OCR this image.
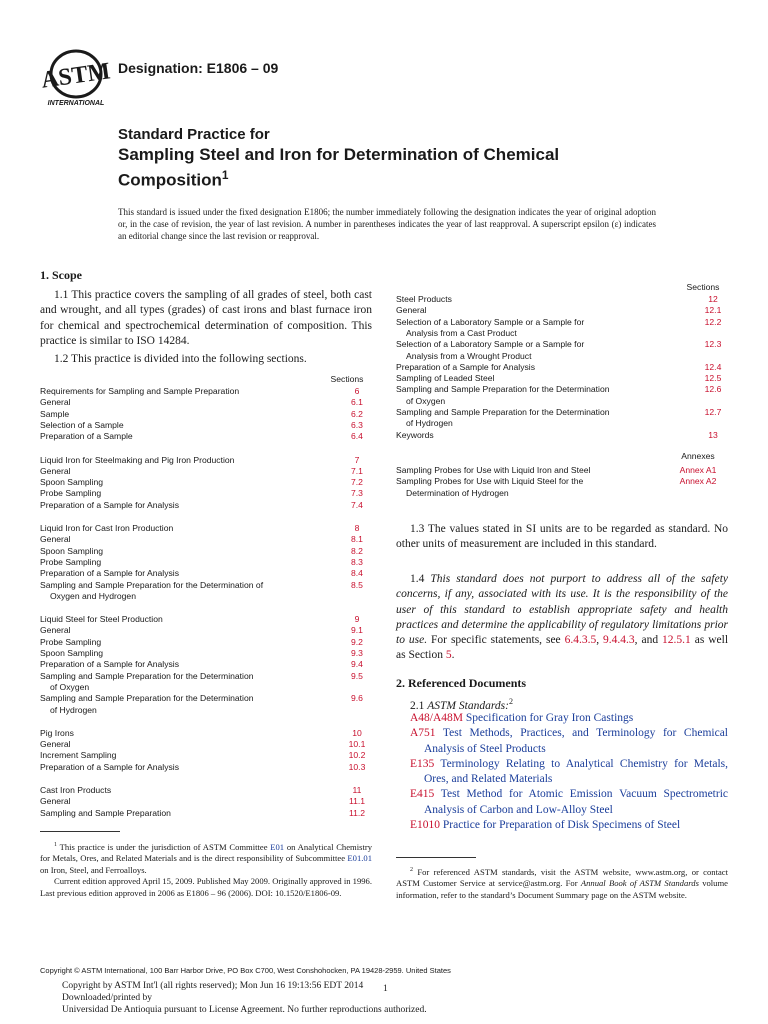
ASTM
INTERNATIONAL
Designation: E1806 – 09
Standard Practice for
Sampling Steel and Iron for Determination of Chemical
Composition$^1$
This standard is issued under the fixed designation E1806; the number immediately following the designation indicates the year of original adoption or, in the case of revision, the year of last revision. A number in parentheses indicates the year of last reapproval. A superscript epsilon (ε) indicates an editorial change since the last revision or reapproval.
1. Scope
1.1 This practice covers the sampling of all grades of steel, both cast and wrought, and all types (grades) of cast irons and blast furnace iron for chemical and spectrochemical determination of composition. This practice is similar to ISO 14284.
1.2 This practice is divided into the following sections.
Sections
Requirements for Sampling and Sample Preparation	6
General	6.1
Sample	6.2
Selection of a Sample	6.3
Preparation of a Sample	6.4
Liquid Iron for Steelmaking and Pig Iron Production	7
General	7.1
Spoon Sampling	7.2
Probe Sampling	7.3
Preparation of a Sample for Analysis	7.4
Liquid Iron for Cast Iron Production	8
General	8.1
Spoon Sampling	8.2
Probe Sampling	8.3
Preparation of a Sample for Analysis	8.4
Sampling and Sample Preparation for the Determination of	8.5
Oxygen and Hydrogen
Liquid Steel for Steel Production	9
General	9.1
Probe Sampling	9.2
Spoon Sampling	9.3
Preparation of a Sample for Analysis	9.4
Sampling and Sample Preparation for the Determination	9.5
of Oxygen
Sampling and Sample Preparation for the Determination	9.6
of Hydrogen
Pig Irons	10
General	10.1
Increment Sampling	10.2
Preparation of a Sample for Analysis	10.3
Cast Iron Products	11
General	11.1
Sampling and Sample Preparation	11.2
$^1$ This practice is under the jurisdiction of ASTM Committee E01 on Analytical Chemistry for Metals, Ores, and Related Materials and is the direct responsibility of Subcommittee E01.01 on Iron, Steel, and Ferroalloys.
Current edition approved April 15, 2009. Published May 2009. Originally approved in 1996. Last previous edition approved in 2006 as E1806 – 96 (2006). DOI: 10.1520/E1806-09.
Sections
Steel Products	12
General	12.1
Selection of a Laboratory Sample or a Sample for	12.2
Analysis from a Cast Product
Selection of a Laboratory Sample or a Sample for	12.3
Analysis from a Wrought Product
Preparation of a Sample for Analysis	12.4
Sampling of Leaded Steel	12.5
Sampling and Sample Preparation for the Determination	12.6
of Oxygen
Sampling and Sample Preparation for the Determination	12.7
of Hydrogen
Keywords	13
Annexes
Sampling Probes for Use with Liquid Iron and Steel	Annex A1
Sampling Probes for Use with Liquid Steel for the	Annex A2
Determination of Hydrogen
1.3 The values stated in SI units are to be regarded as standard. No other units of measurement are included in this standard.
1.4 This standard does not purport to address all of the safety concerns, if any, associated with its use. It is the responsibility of the user of this standard to establish appropriate safety and health practices and determine the applicability of regulatory limitations prior to use. For specific statements, see 6.4.3.5, 9.4.4.3, and 12.5.1 as well as Section 5.
2. Referenced Documents
2.1 ASTM Standards:$^2$
A48/A48M Specification for Gray Iron Castings
A751 Test Methods, Practices, and Terminology for Chemical Analysis of Steel Products
E135 Terminology Relating to Analytical Chemistry for Metals, Ores, and Related Materials
E415 Test Method for Atomic Emission Vacuum Spectrometric Analysis of Carbon and Low-Alloy Steel
E1010 Practice for Preparation of Disk Specimens of Steel
$^2$ For referenced ASTM standards, visit the ASTM website, www.astm.org, or contact ASTM Customer Service at service@astm.org. For Annual Book of ASTM Standards volume information, refer to the standard’s Document Summary page on the ASTM website.
Copyright © ASTM International, 100 Barr Harbor Drive, PO Box C700, West Conshohocken, PA 19428-2959. United States
Copyright by ASTM Int'l (all rights reserved); Mon Jun 16 19:13:56 EDT 2014
Downloaded/printed by
Universidad De Antioquia pursuant to License Agreement. No further reproductions authorized.
1
